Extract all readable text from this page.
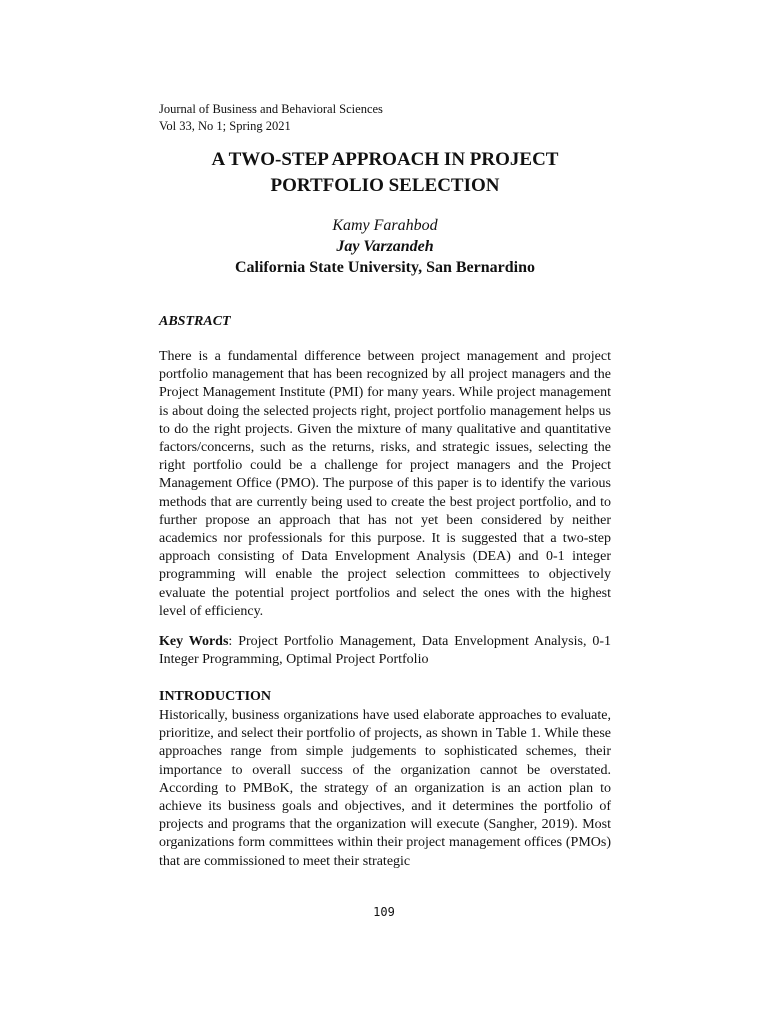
Journal of Business and Behavioral Sciences
Vol 33, No 1; Spring 2021
A TWO-STEP APPROACH IN PROJECT
PORTFOLIO SELECTION
Kamy Farahbod
Jay Varzandeh
California State University, San Bernardino
ABSTRACT

There is a fundamental difference between project management and project portfolio management that has been recognized by all project managers and the Project Management Institute (PMI) for many years. While project management is about doing the selected projects right, project portfolio management helps us to do the right projects. Given the mixture of many qualitative and quantitative factors/concerns, such as the returns, risks, and strategic issues, selecting the right portfolio could be a challenge for project managers and the Project Management Office (PMO). The purpose of this paper is to identify the various methods that are currently being used to create the best project portfolio, and to further propose an approach that has not yet been considered by neither academics nor professionals for this purpose. It is suggested that a two-step approach consisting of Data Envelopment Analysis (DEA) and 0-1 integer programming will enable the project selection committees to objectively evaluate the potential project portfolios and select the ones with the highest level of efficiency.

Key Words: Project Portfolio Management, Data Envelopment Analysis, 0-1 Integer Programming, Optimal Project Portfolio

INTRODUCTION

Historically, business organizations have used elaborate approaches to evaluate, prioritize, and select their portfolio of projects, as shown in Table 1. While these approaches range from simple judgements to sophisticated schemes, their importance to overall success of the organization cannot be overstated. According to PMBoK, the strategy of an organization is an action plan to achieve its business goals and objectives, and it determines the portfolio of projects and programs that the organization will execute (Sangher, 2019). Most organizations form committees within their project management offices (PMOs) that are commissioned to meet their strategic

109
